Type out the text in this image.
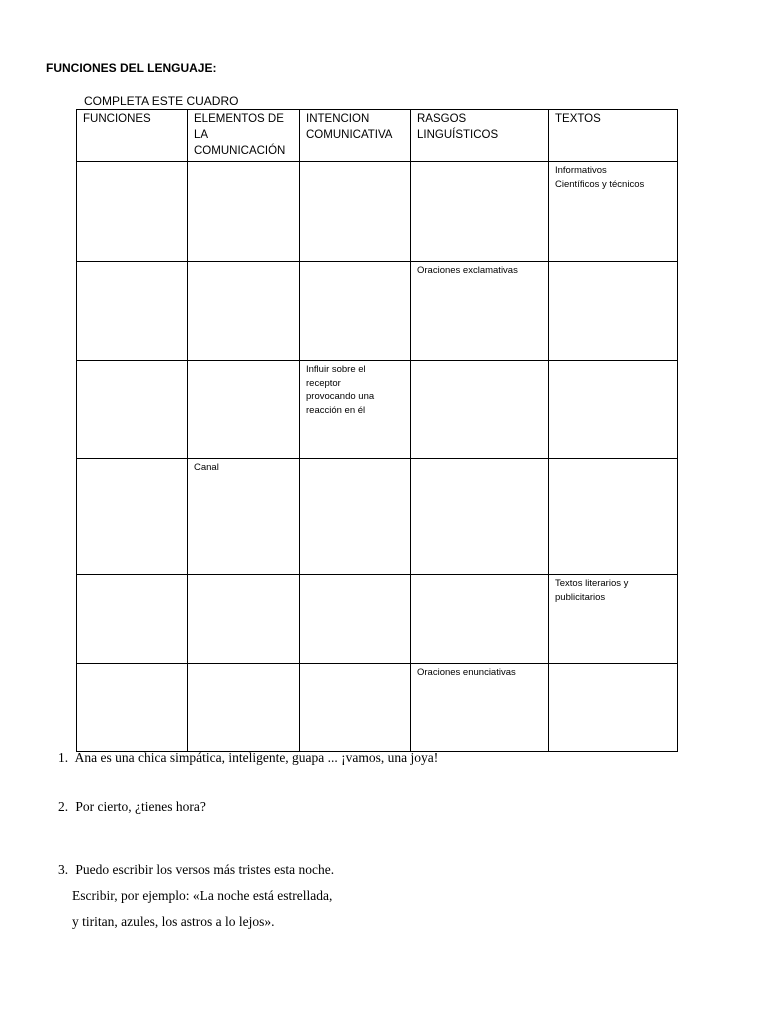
FUNCIONES DEL LENGUAJE:
COMPLETA ESTE CUADRO
FUNCIONES	ELEMENTOS DE
LA
COMUNICACIÓN	INTENCION
COMUNICATIVA	RASGOS
LINGUÍSTICOS	TEXTOS

				Informativos
Científicos y técnicos

			Oraciones exclamativas	

		Influir sobre el
receptor
provocando una
reacción en él		

	Canal			

				Textos literarios y
publicitarios

			Oraciones enunciativas	

1. Ana es una chica simpática, inteligente, guapa ... ¡vamos, una joya!
2. Por cierto, ¿tienes hora?
3. Puedo escribir los versos más tristes esta noche.
Escribir, por ejemplo: «La noche está estrellada,
y tiritan, azules, los astros a lo lejos».
